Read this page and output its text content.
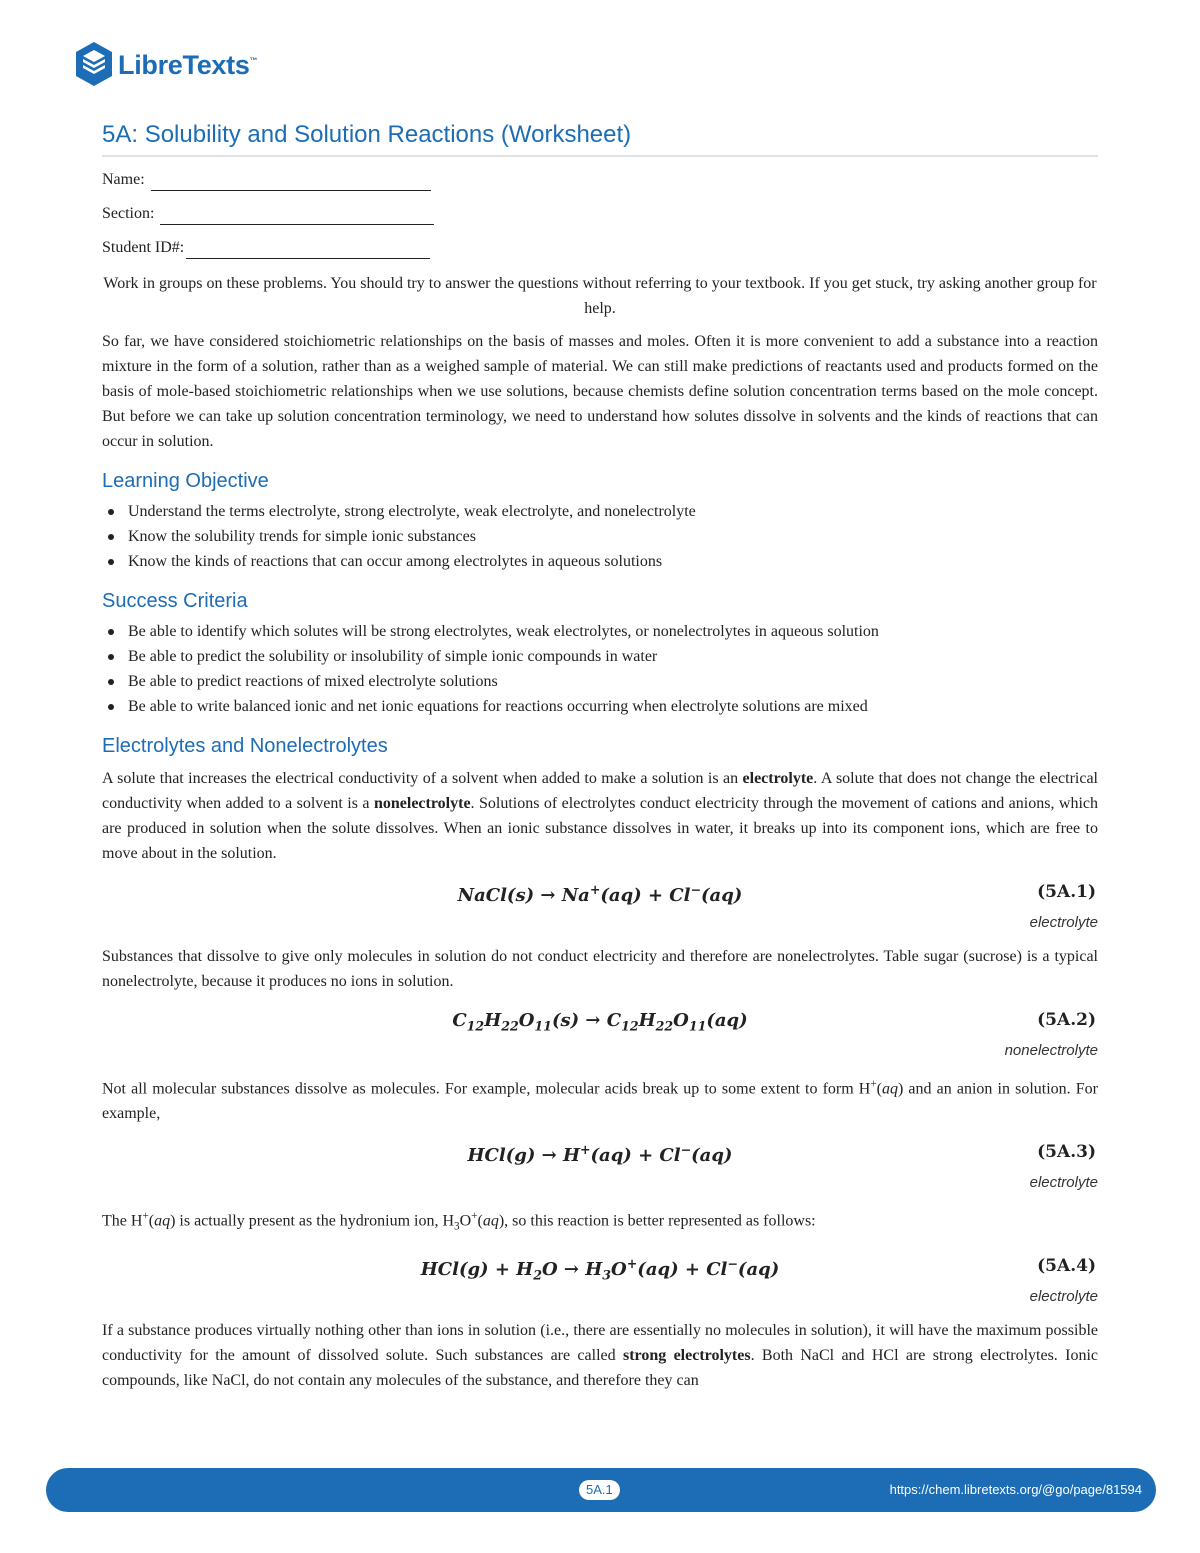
LibreTexts™
5A: Solubility and Solution Reactions (Worksheet)
Name:
Section:
Student ID#:
Work in groups on these problems. You should try to answer the questions without referring to your textbook. If you get stuck, try asking another group for help.

So far, we have considered stoichiometric relationships on the basis of masses and moles. Often it is more convenient to add a substance into a reaction mixture in the form of a solution, rather than as a weighed sample of material. We can still make predictions of reactants used and products formed on the basis of mole-based stoichiometric relationships when we use solutions, because chemists define solution concentration terms based on the mole concept. But before we can take up solution concentration terminology, we need to understand how solutes dissolve in solvents and the kinds of reactions that can occur in solution.

Learning Objective
Understand the terms electrolyte, strong electrolyte, weak electrolyte, and nonelectrolyte
Know the solubility trends for simple ionic substances
Know the kinds of reactions that can occur among electrolytes in aqueous solutions
Success Criteria
Be able to identify which solutes will be strong electrolytes, weak electrolytes, or nonelectrolytes in aqueous solution
Be able to predict the solubility or insolubility of simple ionic compounds in water
Be able to predict reactions of mixed electrolyte solutions
Be able to write balanced ionic and net ionic equations for reactions occurring when electrolyte solutions are mixed
Electrolytes and Nonelectrolytes

A solute that increases the electrical conductivity of a solvent when added to make a solution is an electrolyte. A solute that does not change the electrical conductivity when added to a solvent is a nonelectrolyte. Solutions of electrolytes conduct electricity through the movement of cations and anions, which are produced in solution when the solute dissolves. When an ionic substance dissolves in water, it breaks up into its component ions, which are free to move about in the solution.

NaCl(s) → Na+(aq) + Cl−(aq)	(5A.1)
electrolyte

Substances that dissolve to give only molecules in solution do not conduct electricity and therefore are nonelectrolytes. Table sugar (sucrose) is a typical nonelectrolyte, because it produces no ions in solution.

$C_{12}H_{22}O_{11}(s) \to C_{12}H_{22}O_{11}(aq)$	(5A.2)
nonelectrolyte

Not all molecular substances dissolve as molecules. For example, molecular acids break up to some extent to form H+(aq) and an anion in solution. For example,

HCl(g) → H+(aq) + Cl−(aq)	(5A.3)
electrolyte

The H+(aq) is actually present as the hydronium ion, $H_3O^+(aq)$, so this reaction is better represented as follows:

$HCl(g) + H_2O \to H_3O^+(aq) + Cl^-(aq)$	(5A.4)
electrolyte

If a substance produces virtually nothing other than ions in solution (i.e., there are essentially no molecules in solution), it will have the maximum possible conductivity for the amount of dissolved solute. Such substances are called strong electrolytes. Both NaCl and HCl are strong electrolytes. Ionic compounds, like NaCl, do not contain any molecules of the substance, and therefore they can

5A.1	https://chem.libretexts.org/@go/page/81594
